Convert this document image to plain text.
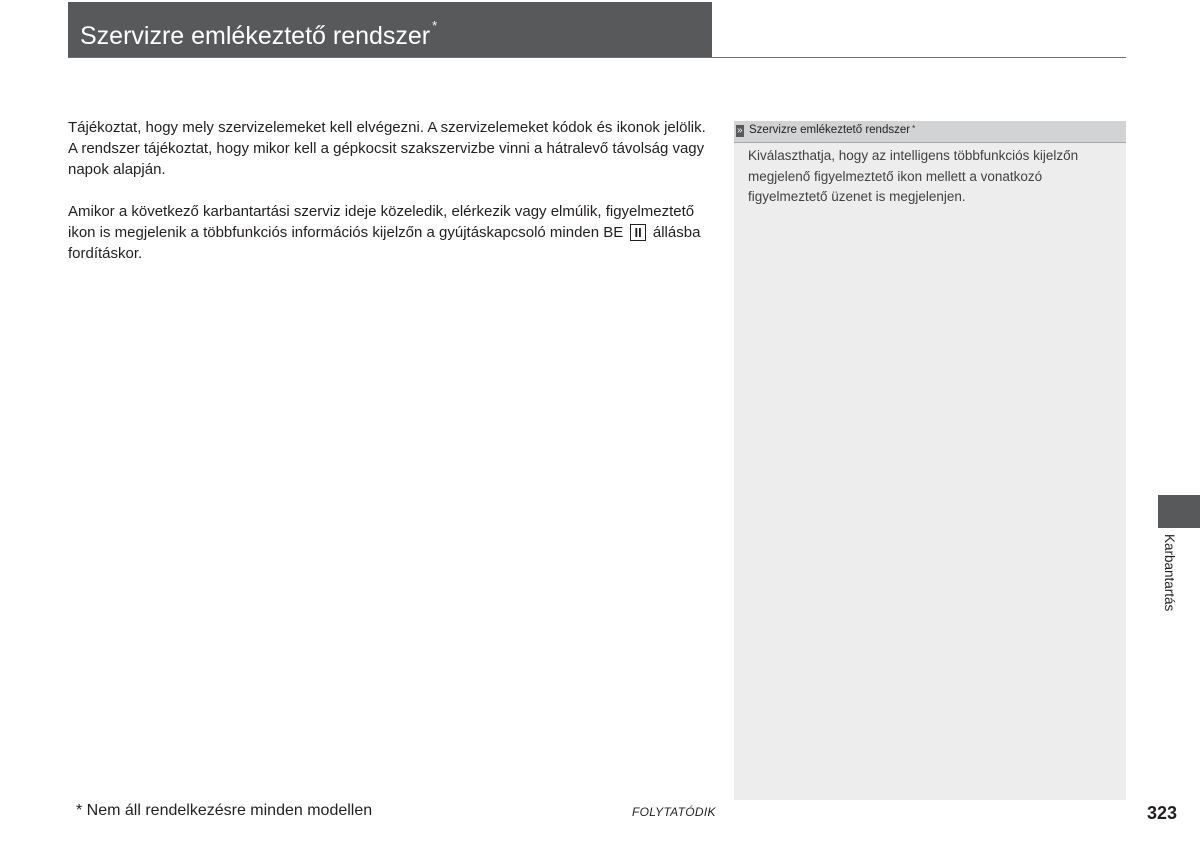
Szervizre emlékeztető rendszer *

Tájékoztat, hogy mely szervizelemeket kell elvégezni. A szervizelemeket kódok és ikonok jelölik. A rendszer tájékoztat, hogy mikor kell a gépkocsit szakszervizbe vinni a hátralevő távolság vagy napok alapján.

Amikor a következő karbantartási szerviz ideje közeledik, elérkezik vagy elmúlik, figyelmeztető ikon is megjelenik a többfunkciós információs kijelzőn a gyújtáskapcsoló minden BE II állásba fordításkor.

» Szervizre emlékeztető rendszer *
Kiválaszthatja, hogy az intelligens többfunkciós kijelzőn megjelenő figyelmeztető ikon mellett a vonatkozó figyelmeztető üzenet is megjelenjen.
Karbantartás
* Nem áll rendelkezésre minden modellen	FOLYTATÓDIK	323
